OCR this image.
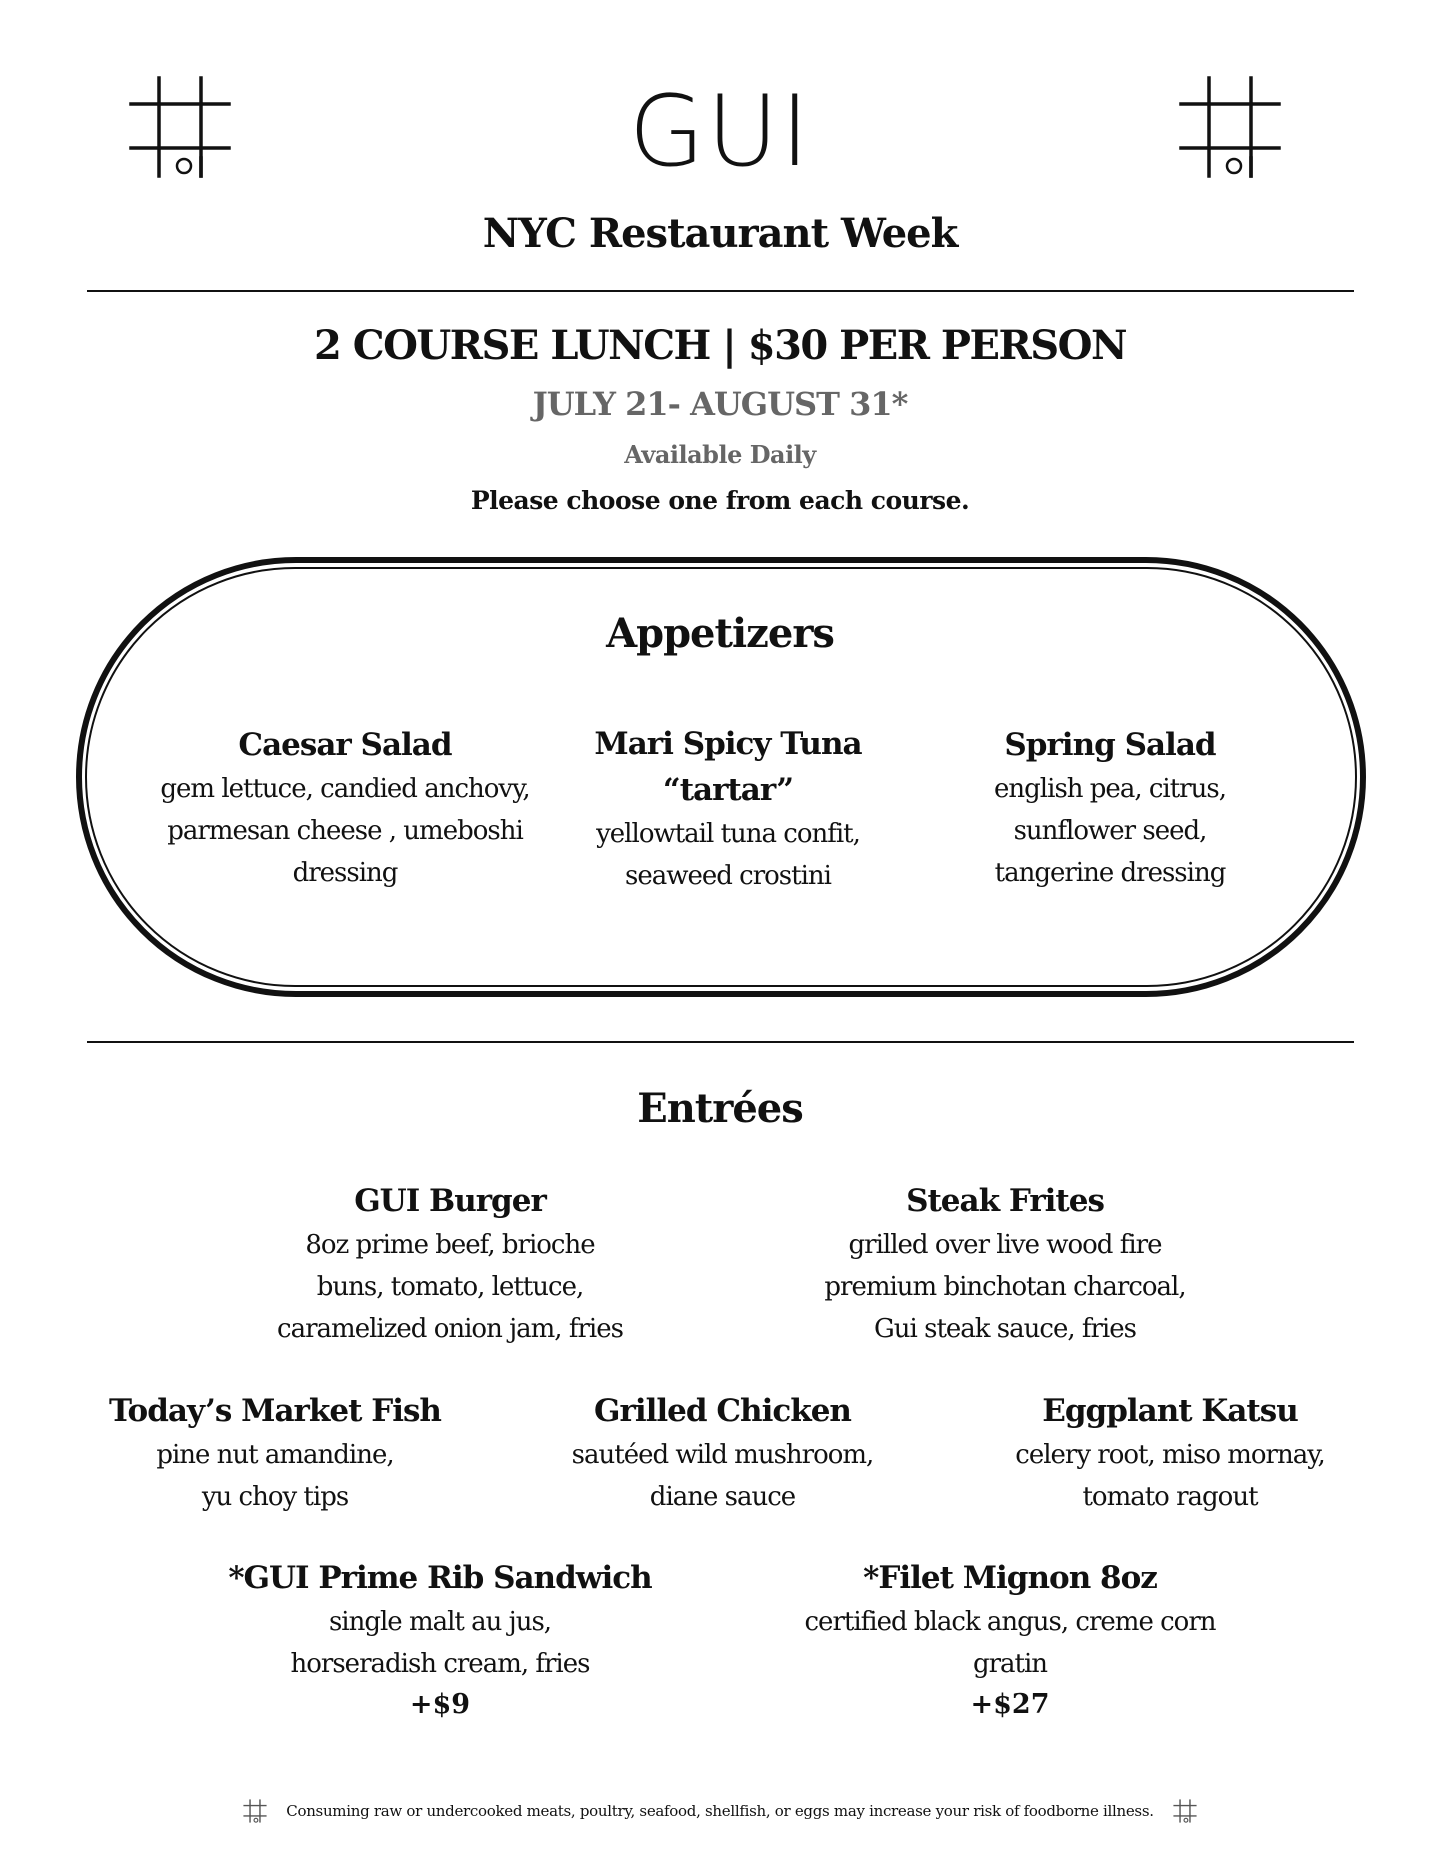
GUI
NYC Restaurant Week
2 COURSE LUNCH | $30 PER PERSON
JULY 21- AUGUST 31*
Available Daily
Please choose one from each course.
Appetizers
Caesar Salad
gem lettuce, candied anchovy,
parmesan cheese , umeboshi
dressing
Mari Spicy Tuna
“tartar”
yellowtail tuna confit,
seaweed crostini
Spring Salad
english pea, citrus,
sunflower seed,
tangerine dressing
Entrées
GUI Burger
8oz prime beef, brioche
buns, tomato, lettuce,
caramelized onion jam, fries
Steak Frites
grilled over live wood fire
premium binchotan charcoal,
Gui steak sauce, fries
Today’s Market Fish
pine nut amandine,
yu choy tips
Grilled Chicken
sautéed wild mushroom,
diane sauce
Eggplant Katsu
celery root, miso mornay,
tomato ragout
*GUI Prime Rib Sandwich
single malt au jus,
horseradish cream, fries
+$9
*Filet Mignon 8oz
certified black angus, creme corn
gratin
+$27
Consuming raw or undercooked meats, poultry, seafood, shellfish, or eggs may increase your risk of foodborne illness.
